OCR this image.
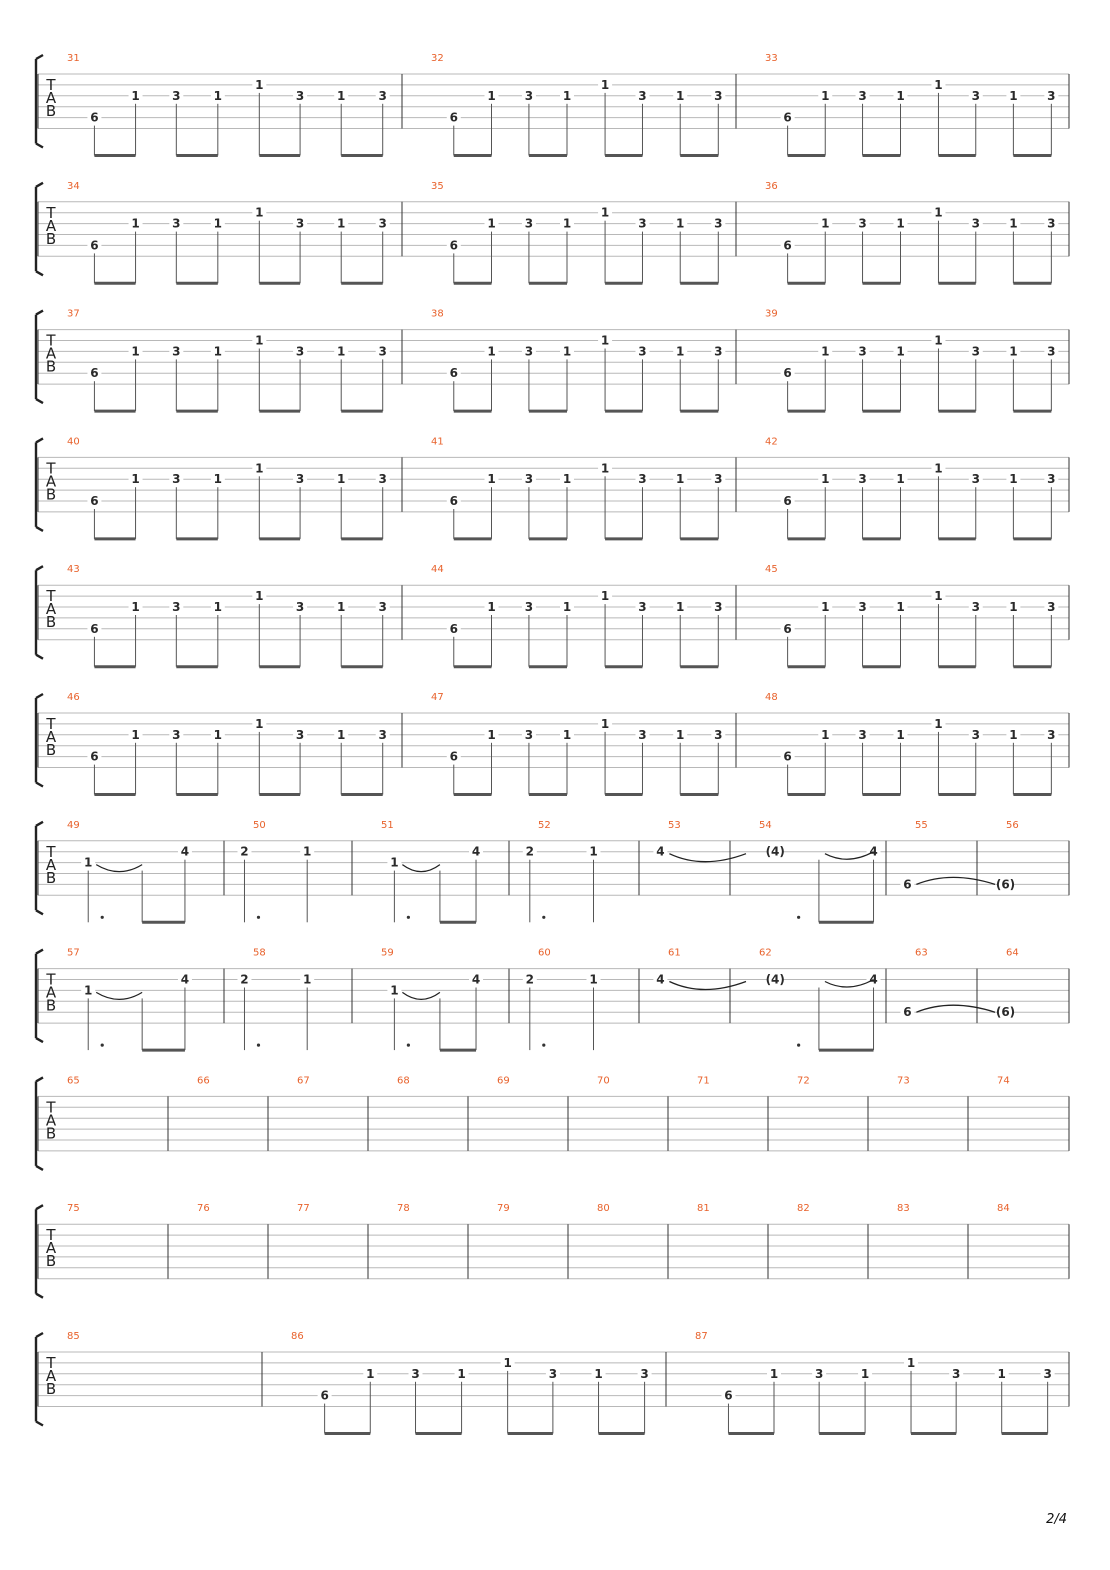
T
A
B
31
6
1	3	1
1
3	1	3
32
6
1 3 1
1
3 1 3
33
6
1 3 1
1
3 1 3
T
A
B
34
6
1	3	1
1
3	1	3
35
6
1 3 1
1
3 1 3
36
6
1 3 1
1
3 1 3
T
A
B
37
6
1	3	1
1
3	1	3
38
6
1 3 1
1
3 1 3
39
6
1 3 1
1
3 1 3
T
A
B
40
6
1	3	1
1
3	1	3
41
6
1 3 1
1
3 1 3
42
6
1 3 1
1
3 1 3
T
A
B
43
6
1	3	1
1
3	1	3
44
6
1 3 1
1
3 1 3
45
6
1 3 1
1
3 1 3
T
A
B
46
6
1	3	1
1
3	1	3
47
6
1 3 1
1
3 1 3
48
6
1 3 1
1
3 1 3
T
A
B
49
1
4
50
2	1
51
1
4
52
2	1
53
4
54
(4)	4
55
6
56
(6)
T
A
B
57
1
4
58
2	1
59
1
4
60
2	1
61
4
62
(4)	4
63
6
64
(6)
T
A
B
65	66	67	68	69	70	71	72	73	74
T
A
B
75	76	77	78	79	80	81	82	83	84
T
A
B
85	86
6
1	3	1
1
3	1	3
87
6
1	3	1
1
3	1	3
2/4
